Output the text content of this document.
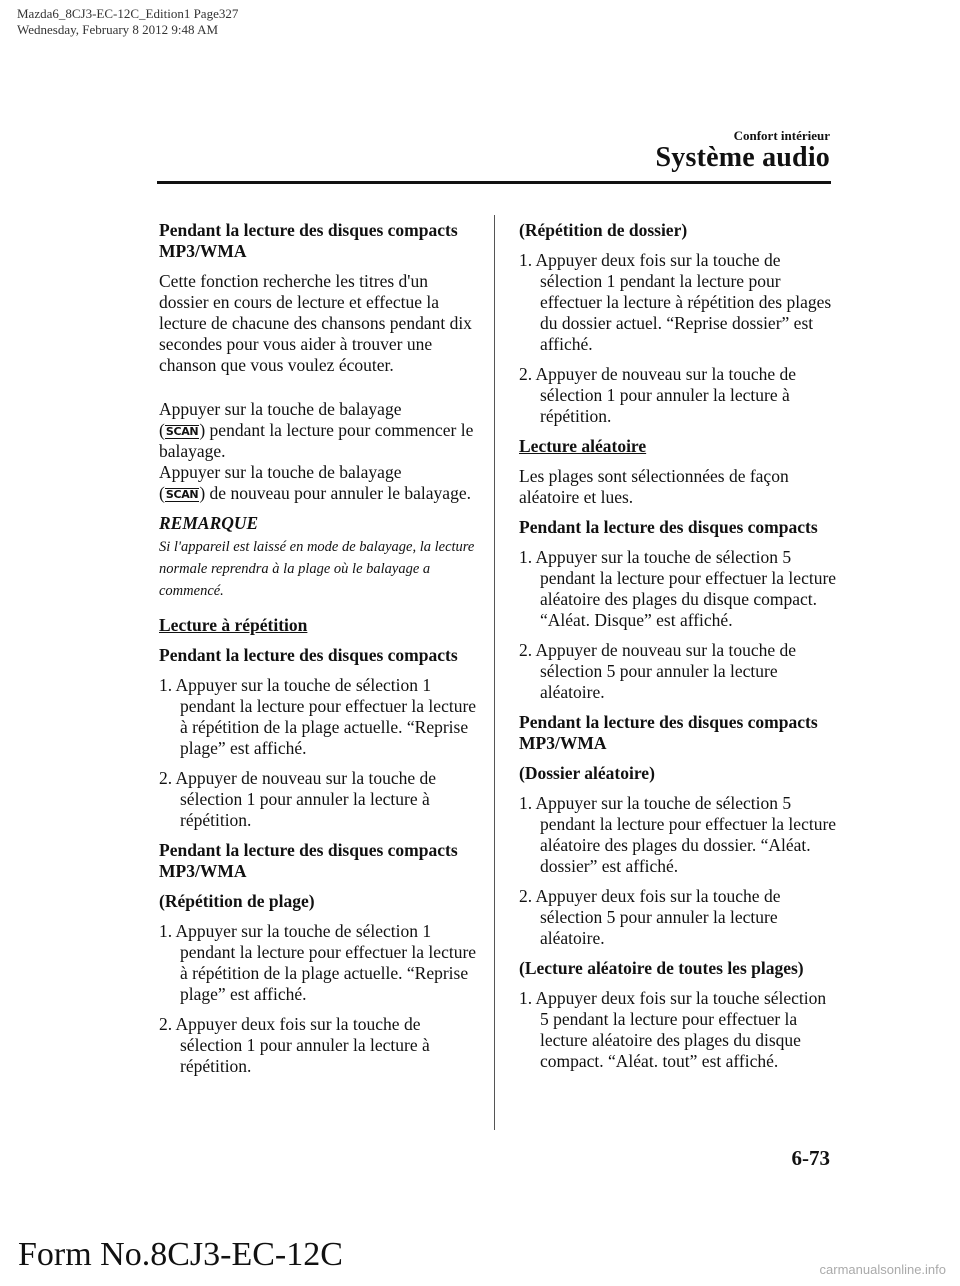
Mazda6_8CJ3-EC-12C_Edition1 Page327
Wednesday, February 8 2012 9:48 AM
Confort intérieur
Système audio

Pendant la lecture des disques compacts MP3/WMA

Cette fonction recherche les titres d'un dossier en cours de lecture et effectue la lecture de chacune des chansons pendant dix secondes pour vous aider à trouver une chanson que vous voulez écouter.

Appuyer sur la touche de balayage
(SCAN) pendant la lecture pour commencer le balayage.
Appuyer sur la touche de balayage
(SCAN) de nouveau pour annuler le balayage.

REMARQUE

Si l'appareil est laissé en mode de balayage, la lecture normale reprendra à la plage où le balayage a commencé.

Lecture à répétition

Pendant la lecture des disques compacts

1. Appuyer sur la touche de sélection 1 pendant la lecture pour effectuer la lecture à répétition de la plage actuelle. “Reprise plage” est affiché.

2. Appuyer de nouveau sur la touche de sélection 1 pour annuler la lecture à répétition.

Pendant la lecture des disques compacts MP3/WMA

(Répétition de plage)

1. Appuyer sur la touche de sélection 1 pendant la lecture pour effectuer la lecture à répétition de la plage actuelle. “Reprise plage” est affiché.

2. Appuyer deux fois sur la touche de sélection 1 pour annuler la lecture à répétition.

(Répétition de dossier)

1. Appuyer deux fois sur la touche de sélection 1 pendant la lecture pour effectuer la lecture à répétition des plages du dossier actuel. “Reprise dossier” est affiché.

2. Appuyer de nouveau sur la touche de sélection 1 pour annuler la lecture à répétition.

Lecture aléatoire

Les plages sont sélectionnées de façon aléatoire et lues.

Pendant la lecture des disques compacts

1. Appuyer sur la touche de sélection 5 pendant la lecture pour effectuer la lecture aléatoire des plages du disque compact. “Aléat. Disque” est affiché.

2. Appuyer de nouveau sur la touche de sélection 5 pour annuler la lecture aléatoire.

Pendant la lecture des disques compacts MP3/WMA

(Dossier aléatoire)

1. Appuyer sur la touche de sélection 5 pendant la lecture pour effectuer la lecture aléatoire des plages du dossier. “Aléat. dossier” est affiché.

2. Appuyer deux fois sur la touche de sélection 5 pour annuler la lecture aléatoire.

(Lecture aléatoire de toutes les plages)

1. Appuyer deux fois sur la touche sélection 5 pendant la lecture pour effectuer la lecture aléatoire des plages du disque compact. “Aléat. tout” est affiché.

6-73
Form No.8CJ3-EC-12C	carmanualsonline.info
